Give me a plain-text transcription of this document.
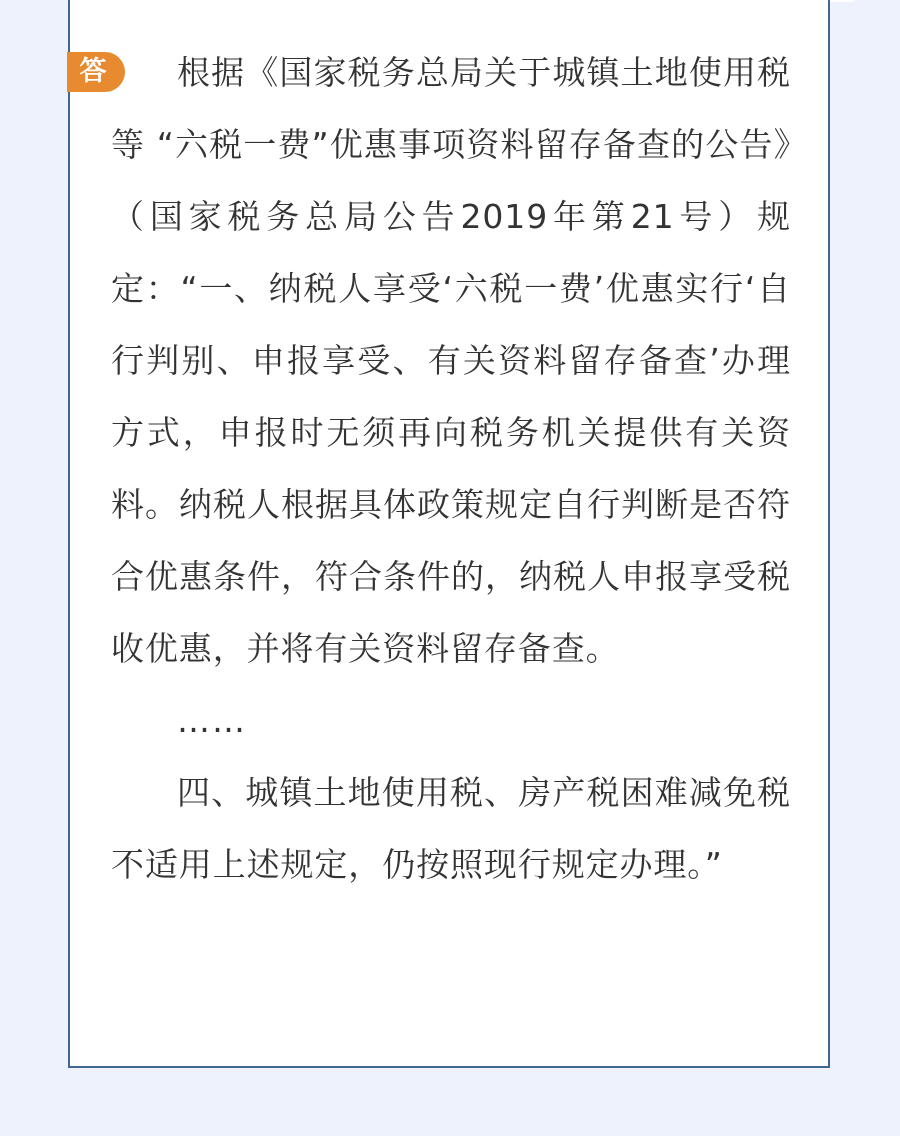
答	根据《国家税务总局关于城镇土地使用税等 “六税一费”优惠事项资料留存备查的公告》（国家税务总局公告2019年第21号）规定：“一、纳税人享受‘六税一费’优惠实行‘自行判别、申报享受、有关资料留存备查’办理方式，申报时无须再向税务机关提供有关资料。纳税人根据具体政策规定自行判断是否符合优惠条件，符合条件的，纳税人申报享受税收优惠，并将有关资料留存备查。

……

四、城镇土地使用税、房产税困难减免税不适用上述规定，仍按照现行规定办理。”
